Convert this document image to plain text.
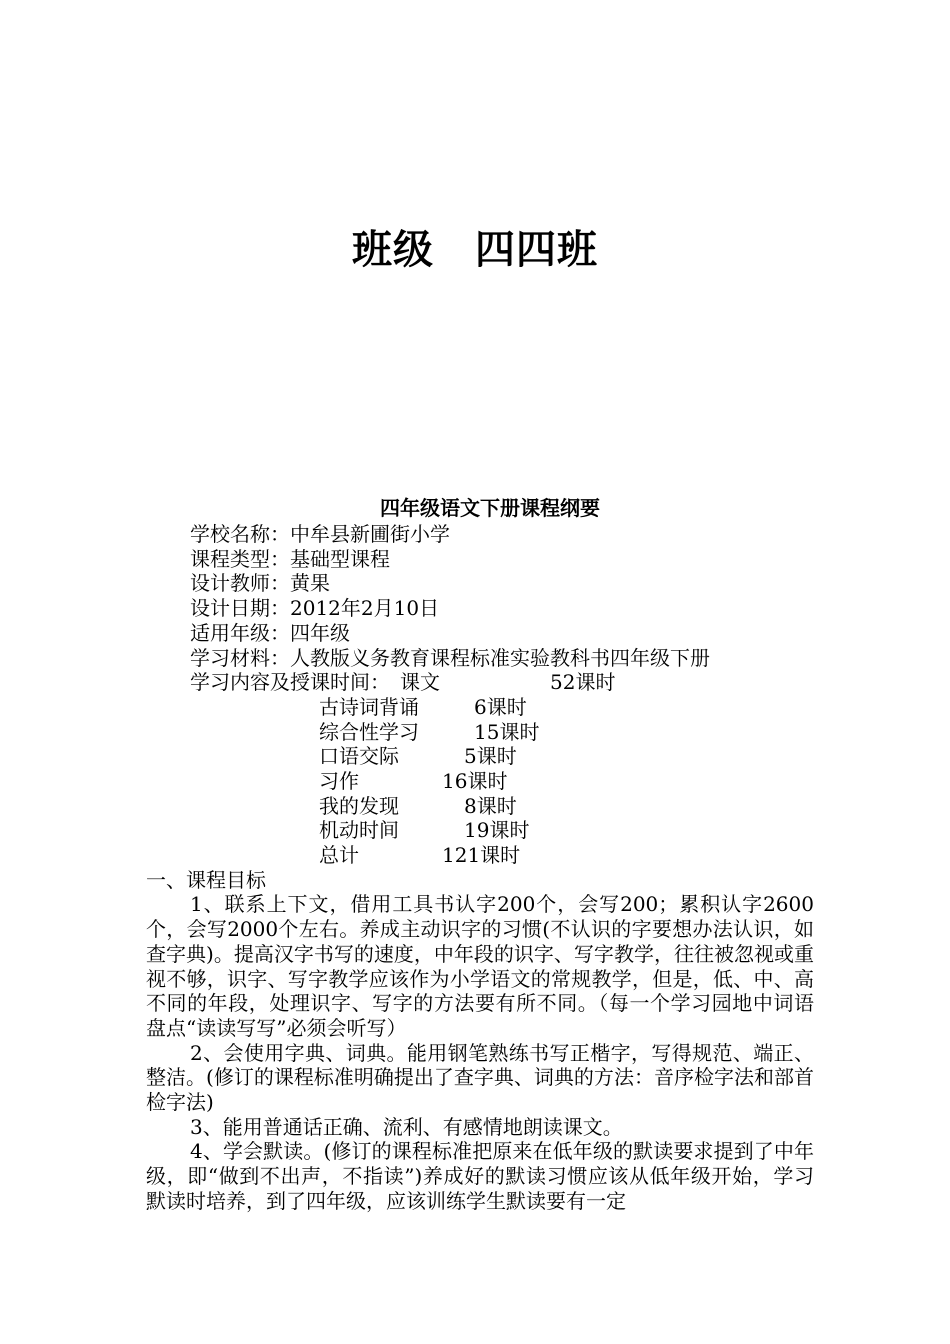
班级　四四班
四年级语文下册课程纲要
学校名称：中牟县新圃街小学
课程类型：基础型课程
设计教师：黄果
设计日期：2012年2月10日
适用年级：四年级
学习材料：人教版义务教育课程标准实验教科书四年级下册
学习内容及授课时间：　课文	52课时
古诗词背诵	6课时
综合性学习	15课时
口语交际	5课时
习作	16课时
我的发现	8课时
机动时间	19课时
总计	121课时
一、课程目标
1、联系上下文，借用工具书认字200个，会写200；累积认字2600个，会写2000个左右。养成主动识字的习惯(不认识的字要想办法认识，如查字典)。提高汉字书写的速度，中年段的识字、写字教学，往往被忽视或重视不够，识字、写字教学应该作为小学语文的常规教学，但是，低、中、高不同的年段，处理识字、写字的方法要有所不同。（每一个学习园地中词语盘点“读读写写”必须会听写）
2、会使用字典、词典。能用钢笔熟练书写正楷字，写得规范、端正、整洁。(修订的课程标准明确提出了查字典、词典的方法：音序检字法和部首检字法)
3、能用普通话正确、流利、有感情地朗读课文。
4、学会默读。(修订的课程标准把原来在低年级的默读要求提到了中年级，即“做到不出声，不指读”)养成好的默读习惯应该从低年级开始，学习默读时培养，到了四年级，应该训练学生默读要有一定
